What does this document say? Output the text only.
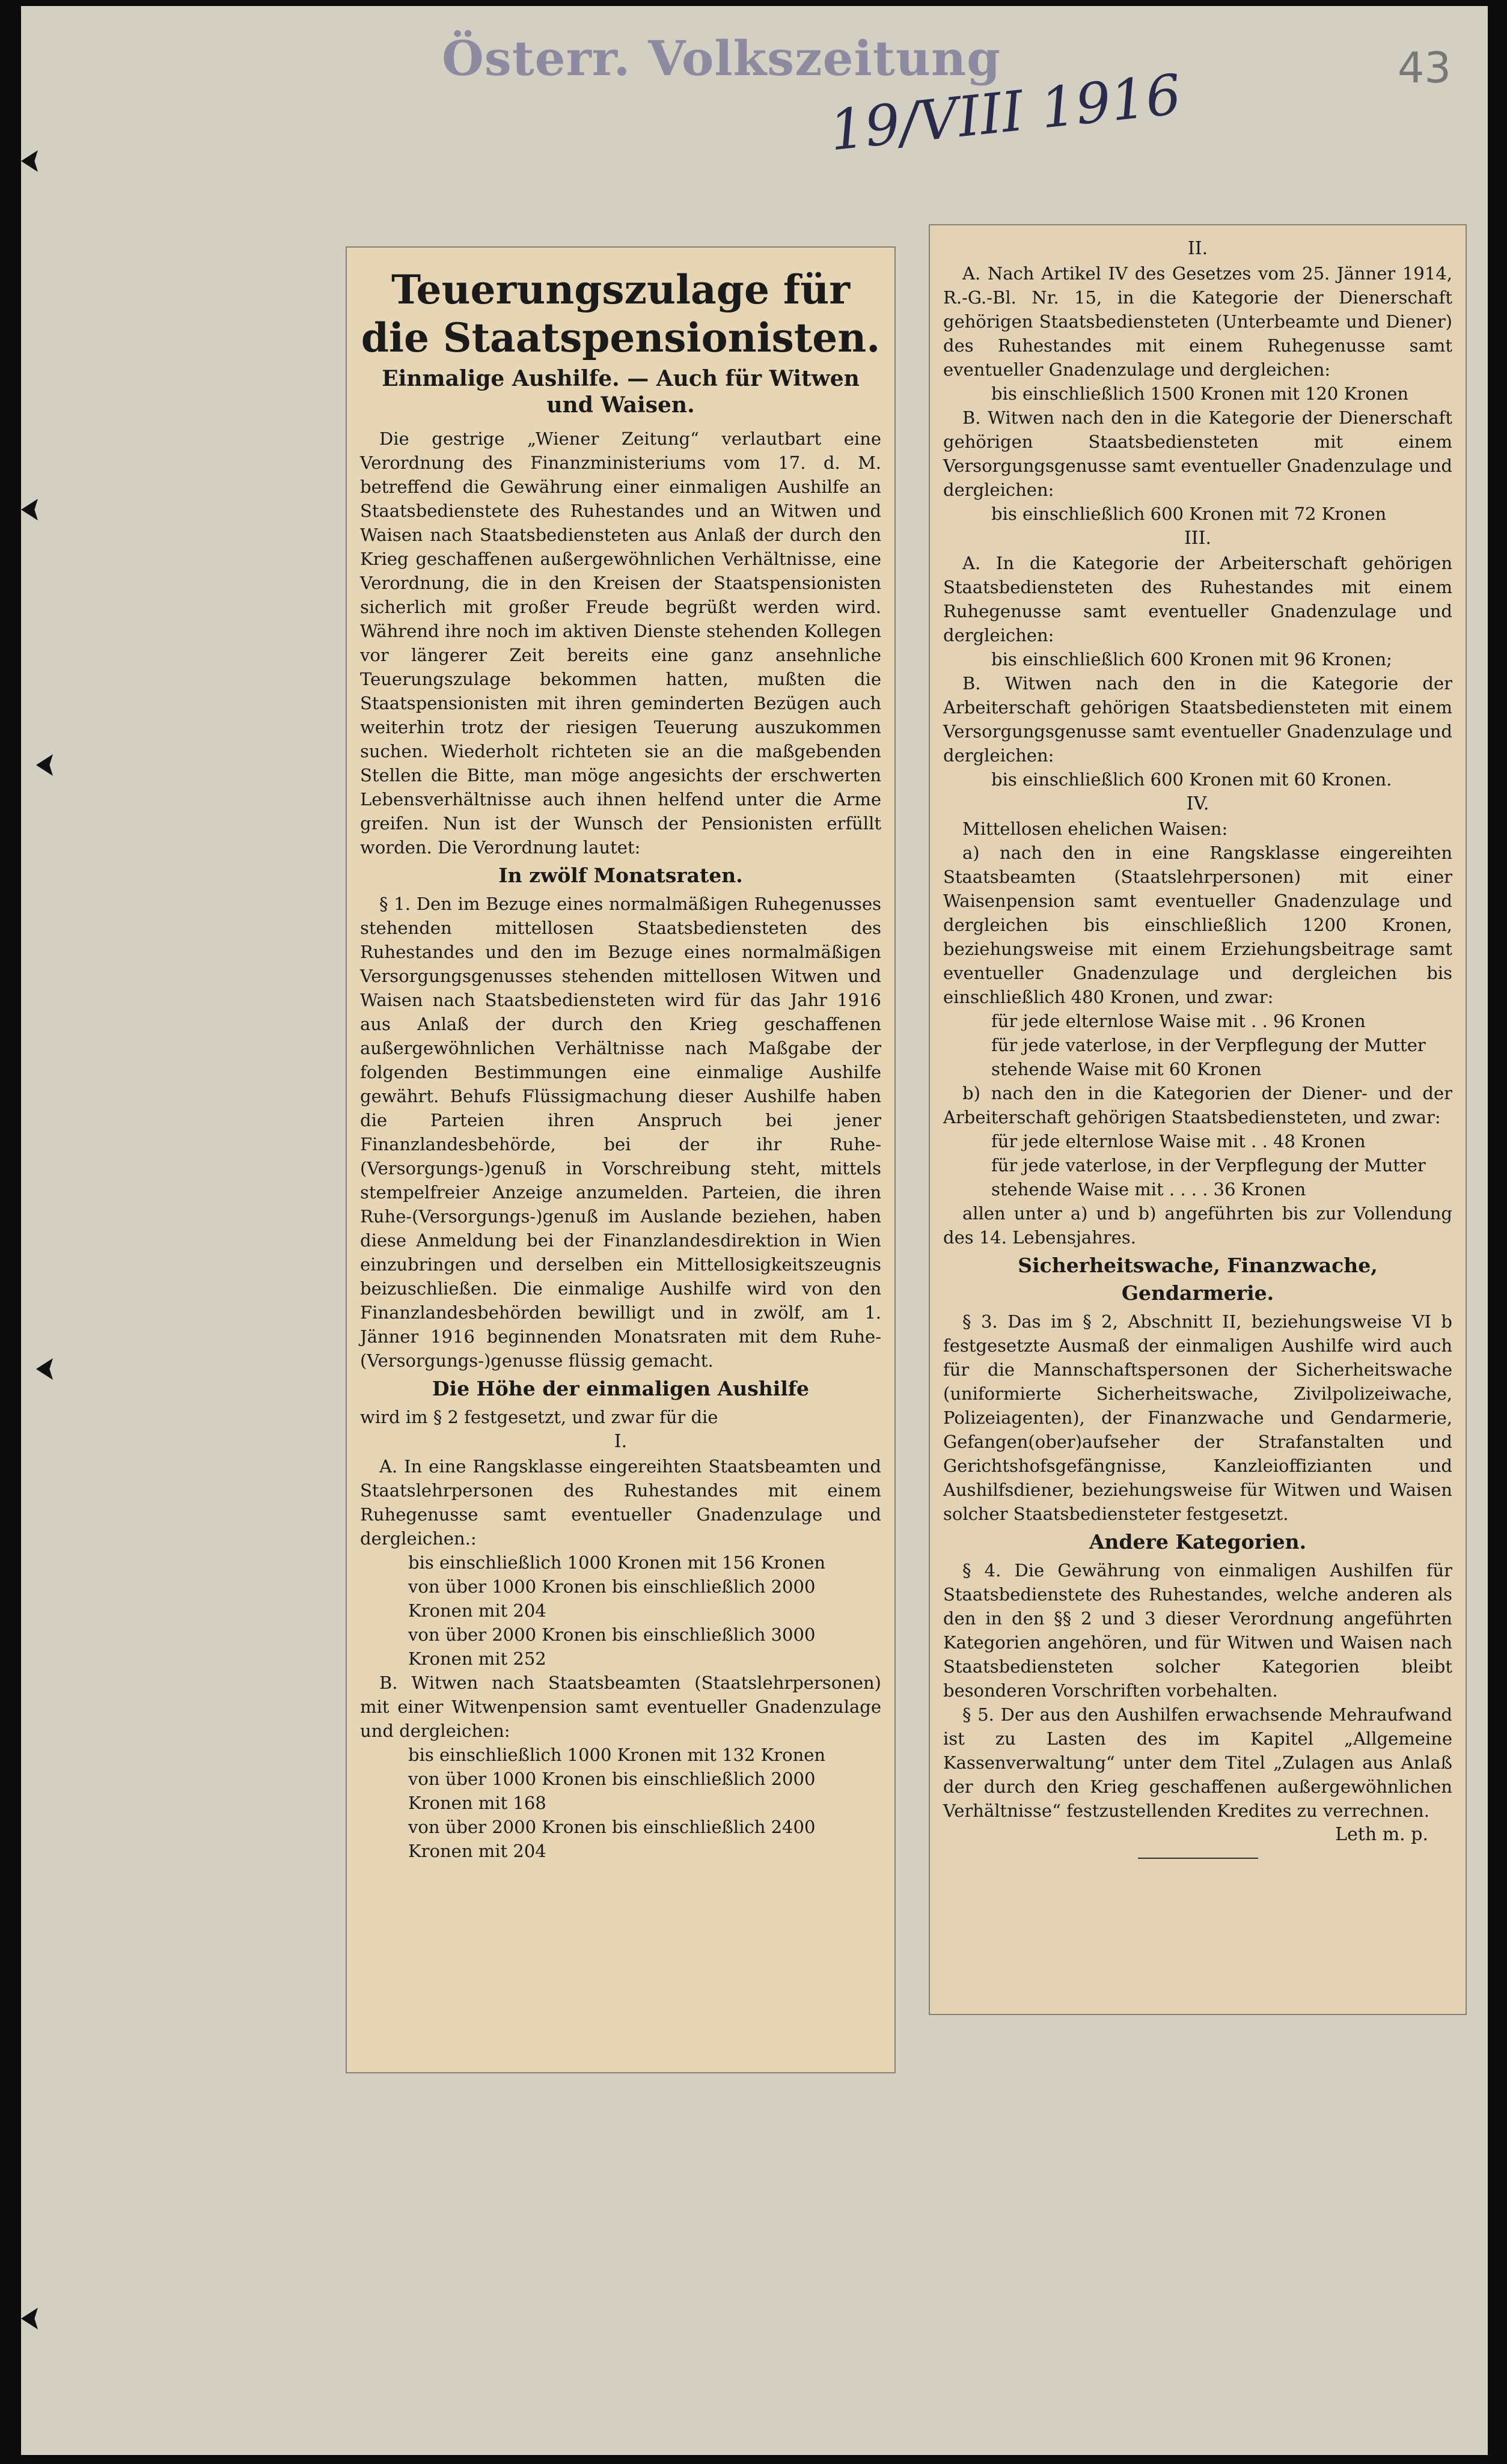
Österr. Volkszeitung
19/VIII 1916	43

Teuerungszulage für die Staatspensionisten.

Einmalige Aushilfe. — Auch für Witwen und Waisen.

Die gestrige „Wiener Zeitung“ verlautbart eine Verordnung des Finanzministeriums vom 17. d. M. betreffend die Gewährung einer einmaligen Aushilfe an Staatsbedienstete des Ruhestandes und an Witwen und Waisen nach Staatsbediensteten aus Anlaß der durch den Krieg geschaffenen außergewöhnlichen Verhältnisse, eine Verordnung, die in den Kreisen der Staatspensionisten sicherlich mit großer Freude begrüßt werden wird. Während ihre noch im aktiven Dienste stehenden Kollegen vor längerer Zeit bereits eine ganz ansehnliche Teuerungszulage bekommen hatten, mußten die Staatspensionisten mit ihren geminderten Bezügen auch weiterhin trotz der riesigen Teuerung auszukommen suchen. Wiederholt richteten sie an die maßgebenden Stellen die Bitte, man möge angesichts der erschwerten Lebensverhältnisse auch ihnen helfend unter die Arme greifen. Nun ist der Wunsch der Pensionisten erfüllt worden. Die Verordnung lautet:

In zwölf Monatsraten.

§ 1. Den im Bezuge eines normalmäßigen Ruhegenusses stehenden mittellosen Staatsbediensteten des Ruhestandes und den im Bezuge eines normalmäßigen Versorgungsgenusses stehenden mittellosen Witwen und Waisen nach Staatsbediensteten wird für das Jahr 1916 aus Anlaß der durch den Krieg geschaffenen außergewöhnlichen Verhältnisse nach Maßgabe der folgenden Bestimmungen eine einmalige Aushilfe gewährt. Behufs Flüssigmachung dieser Aushilfe haben die Parteien ihren Anspruch bei jener Finanzlandesbehörde, bei der ihr Ruhe-(Versorgungs-)genuß in Vorschreibung steht, mittels stempelfreier Anzeige anzumelden. Parteien, die ihren Ruhe-(Versorgungs-)genuß im Auslande beziehen, haben diese Anmeldung bei der Finanzlandesdirektion in Wien einzubringen und derselben ein Mittellosigkeitszeugnis beizuschließen. Die einmalige Aushilfe wird von den Finanzlandesbehörden bewilligt und in zwölf, am 1. Jänner 1916 beginnenden Monatsraten mit dem Ruhe-(Versorgungs-)genusse flüssig gemacht.

Die Höhe der einmaligen Aushilfe

wird im § 2 festgesetzt, und zwar für die

I.

A. In eine Rangsklasse eingereihten Staatsbeamten und Staatslehrpersonen des Ruhestandes mit einem Ruhegenusse samt eventueller Gnadenzulage und dergleichen.:

bis einschließlich 1000 Kronen mit 156 Kronen

von über 1000 Kronen bis einschließlich 2000 Kronen mit 204

von über 2000 Kronen bis einschließlich 3000 Kronen mit 252

B. Witwen nach Staatsbeamten (Staatslehrpersonen) mit einer Witwenpension samt eventueller Gnadenzulage und dergleichen:

bis einschließlich 1000 Kronen mit 132 Kronen

von über 1000 Kronen bis einschließlich 2000 Kronen mit 168

von über 2000 Kronen bis einschließlich 2400 Kronen mit 204

II.

A. Nach Artikel IV des Gesetzes vom 25. Jänner 1914, R.-G.-Bl. Nr. 15, in die Kategorie der Dienerschaft gehörigen Staatsbediensteten (Unterbeamte und Diener) des Ruhestandes mit einem Ruhegenusse samt eventueller Gnadenzulage und dergleichen:

bis einschließlich 1500 Kronen mit 120 Kronen

B. Witwen nach den in die Kategorie der Dienerschaft gehörigen Staatsbediensteten mit einem Versorgungsgenusse samt eventueller Gnadenzulage und dergleichen:

bis einschließlich 600 Kronen mit 72 Kronen

III.

A. In die Kategorie der Arbeiterschaft gehörigen Staatsbediensteten des Ruhestandes mit einem Ruhegenusse samt eventueller Gnadenzulage und dergleichen:

bis einschließlich 600 Kronen mit 96 Kronen;

B. Witwen nach den in die Kategorie der Arbeiterschaft gehörigen Staatsbediensteten mit einem Versorgungsgenusse samt eventueller Gnadenzulage und dergleichen:

bis einschließlich 600 Kronen mit 60 Kronen.

IV.

Mittellosen ehelichen Waisen:

a) nach den in eine Rangsklasse eingereihten Staatsbeamten (Staatslehrpersonen) mit einer Waisenpension samt eventueller Gnadenzulage und dergleichen bis einschließlich 1200 Kronen, beziehungsweise mit einem Erziehungsbeitrage samt eventueller Gnadenzulage und dergleichen bis einschließlich 480 Kronen, und zwar:

für jede elternlose Waise mit . . 96 Kronen

für jede vaterlose, in der Verpflegung der Mutter stehende Waise mit 60 Kronen

b) nach den in die Kategorien der Diener- und der Arbeiterschaft gehörigen Staatsbediensteten, und zwar:

für jede elternlose Waise mit . . 48 Kronen

für jede vaterlose, in der Verpflegung der Mutter stehende Waise mit . . . . 36 Kronen

allen unter a) und b) angeführten bis zur Vollendung des 14. Lebensjahres.

Sicherheitswache, Finanzwache, Gendarmerie.

§ 3. Das im § 2, Abschnitt II, beziehungsweise VI b festgesetzte Ausmaß der einmaligen Aushilfe wird auch für die Mannschaftspersonen der Sicherheitswache (uniformierte Sicherheitswache, Zivilpolizeiwache, Polizeiagenten), der Finanzwache und Gendarmerie, Gefangen(ober)aufseher der Strafanstalten und Gerichtshofsgefängnisse, Kanzleioffizianten und Aushilfsdiener, beziehungsweise für Witwen und Waisen solcher Staatsbediensteter festgesetzt.

Andere Kategorien.

§ 4. Die Gewährung von einmaligen Aushilfen für Staatsbedienstete des Ruhestandes, welche anderen als den in den §§ 2 und 3 dieser Verordnung angeführten Kategorien angehören, und für Witwen und Waisen nach Staatsbediensteten solcher Kategorien bleibt besonderen Vorschriften vorbehalten.

§ 5. Der aus den Aushilfen erwachsende Mehraufwand ist zu Lasten des im Kapitel „Allgemeine Kassenverwaltung“ unter dem Titel „Zulagen aus Anlaß der durch den Krieg geschaffenen außergewöhnlichen Verhältnisse“ festzustellenden Kredites zu verrechnen.

Leth m. p.
